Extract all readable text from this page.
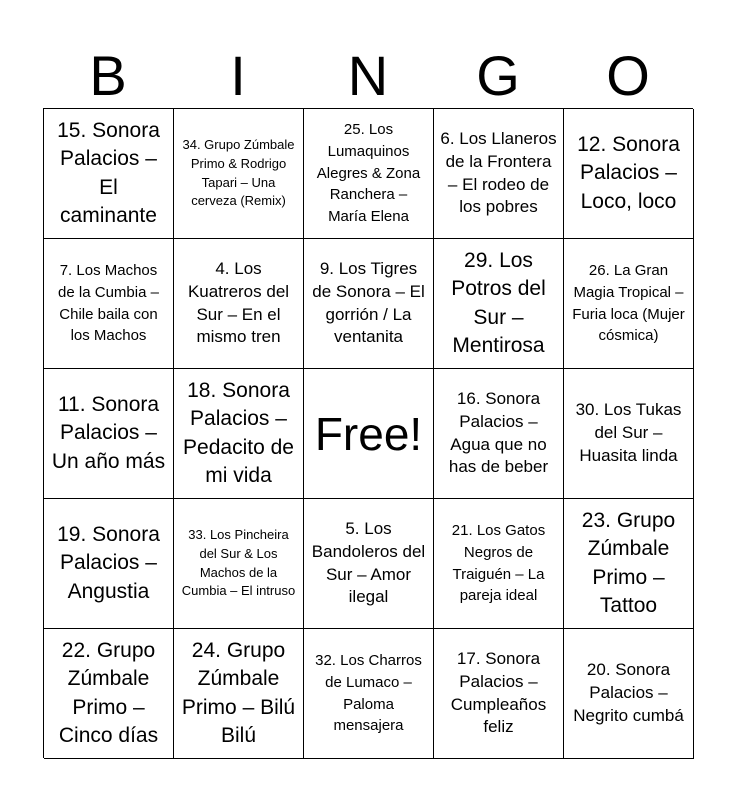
B	I	N	G	O
15. Sonora Palacios – El caminante
34. Grupo Zúmbale Primo & Rodrigo Tapari – Una cerveza (Remix)
25. Los Lumaquinos Alegres & Zona Ranchera – María Elena
6. Los Llaneros de la Frontera – El rodeo de los pobres
12. Sonora Palacios – Loco, loco
7. Los Machos de la Cumbia – Chile baila con los Machos
4. Los Kuatreros del Sur – En el mismo tren
9. Los Tigres de Sonora – El gorrión / La ventanita
29. Los Potros del Sur – Mentirosa
26. La Gran Magia Tropical – Furia loca (Mujer cósmica)
11. Sonora Palacios – Un año más
18. Sonora Palacios – Pedacito de mi vida
Free!
16. Sonora Palacios – Agua que no has de beber
30. Los Tukas del Sur – Huasita linda
19. Sonora Palacios – Angustia
33. Los Pincheira del Sur & Los Machos de la Cumbia – El intruso
5. Los Bandoleros del Sur – Amor ilegal
21. Los Gatos Negros de Traiguén – La pareja ideal
23. Grupo Zúmbale Primo – Tattoo
22. Grupo Zúmbale Primo – Cinco días
24. Grupo Zúmbale Primo – Bilú Bilú
32. Los Charros de Lumaco – Paloma mensajera
17. Sonora Palacios – Cumpleaños feliz
20. Sonora Palacios – Negrito cumbá
